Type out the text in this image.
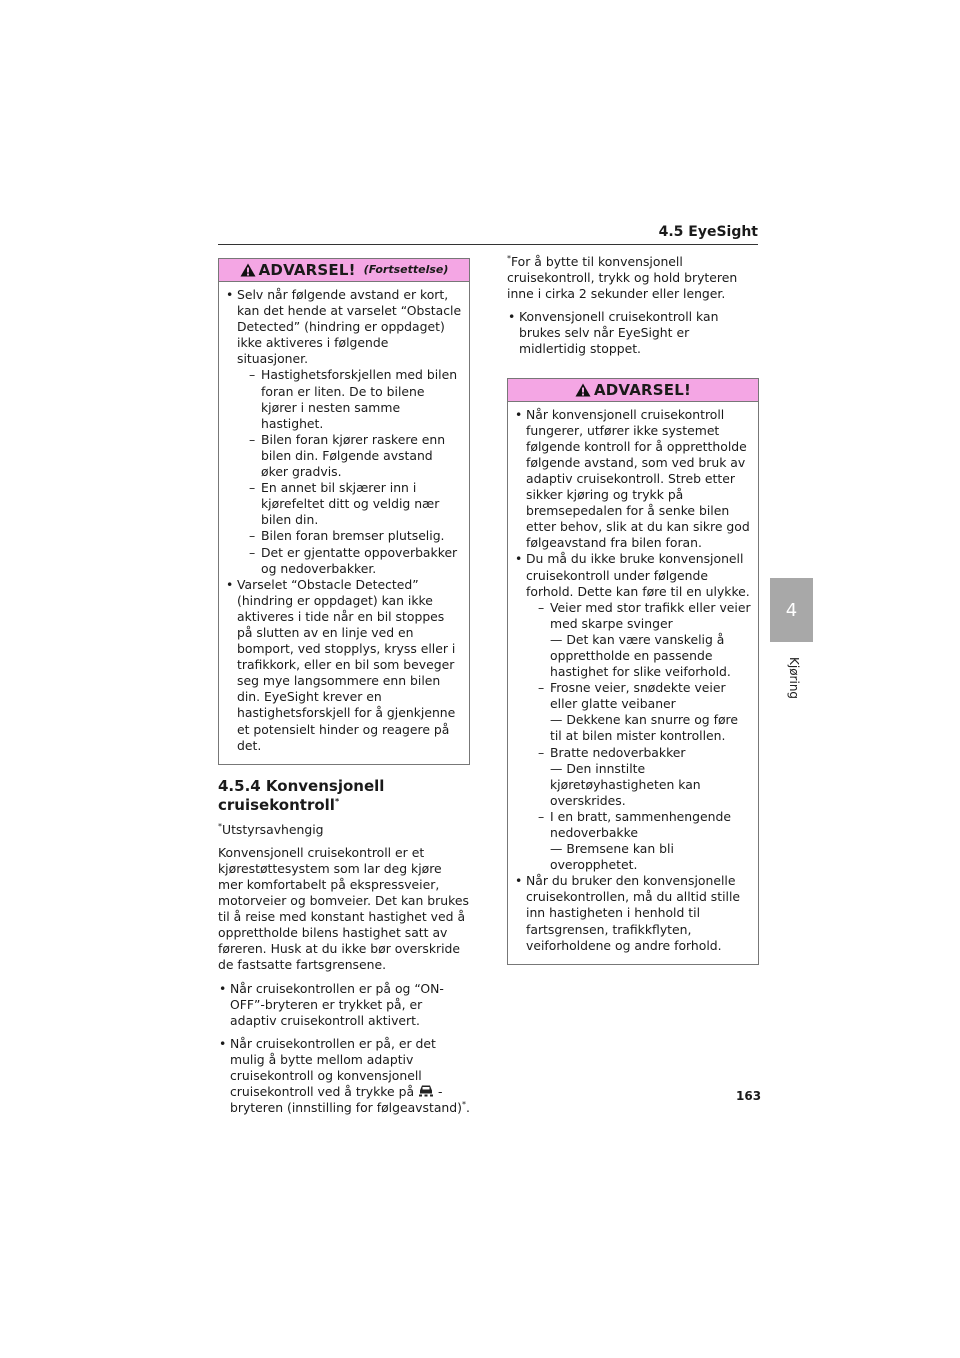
4.5 EyeSight
4
Kjøring
ADVARSEL! (Fortsettelse)
• Selv når følgende avstand er kort, kan det hende at varselet “Obstacle Detected” (hindring er oppdaget) ikke aktiveres i følgende situasjoner.
– Hastighetsforskjellen med bilen foran er liten. De to bilene kjører i nesten samme hastighet.
– Bilen foran kjører raskere enn bilen din. Følgende avstand øker gradvis.
– En annet bil skjærer inn i kjørefeltet ditt og veldig nær bilen din.
– Bilen foran bremser plutselig.
– Det er gjentatte oppoverbakker og nedoverbakker.
• Varselet “Obstacle Detected” (hindring er oppdaget) kan ikke aktiveres i tide når en bil stoppes på slutten av en linje ved en bomport, ved stopplys, kryss eller i trafikkork, eller en bil som beveger seg mye langsommere enn bilen din. EyeSight krever en hastighetsforskjell for å gjenkjenne et potensielt hinder og reagere på det.
4.5.4 Konvensjonell cruisekontroll*

*Utstyrsavhengig

Konvensjonell cruisekontroll er et kjørestøttesystem som lar deg kjøre mer komfortabelt på ekspressveier, motorveier og bomveier. Det kan brukes til å reise med konstant hastighet ved å opprettholde bilens hastighet satt av føreren. Husk at du ikke bør overskride de fastsatte fartsgrensene.

• Når cruisekontrollen er på og “ON-OFF”-bryteren er trykket på, er adaptiv cruisekontroll aktivert.
• Når cruisekontrollen er på, er det mulig å bytte mellom adaptiv cruisekontroll og konvensjonell cruisekontroll ved å trykke på -bryteren (innstilling for følgeavstand)*.

*For å bytte til konvensjonell cruisekontroll, trykk og hold bryteren inne i cirka 2 sekunder eller lenger.

• Konvensjonell cruisekontroll kan brukes selv når EyeSight er midlertidig stoppet.
ADVARSEL!
• Når konvensjonell cruisekontroll fungerer, utfører ikke systemet følgende kontroll for å opprettholde følgende avstand, som ved bruk av adaptiv cruisekontroll. Streb etter sikker kjøring og trykk på bremsepedalen for å senke bilen etter behov, slik at du kan sikre god følgeavstand fra bilen foran.
• Du må du ikke bruke konvensjonell cruisekontroll under følgende forhold. Dette kan føre til en ulykke.
– Veier med stor trafikk eller veier med skarpe svinger
— Det kan være vanskelig å opprettholde en passende hastighet for slike veiforhold.
– Frosne veier, snødekte veier eller glatte veibaner
— Dekkene kan snurre og føre til at bilen mister kontrollen.
– Bratte nedoverbakker
— Den innstilte kjøretøyhastigheten kan overskrides.
– I en bratt, sammenhengende nedoverbakke
— Bremsene kan bli overopphetet.
• Når du bruker den konvensjonelle cruisekontrollen, må du alltid stille inn hastigheten i henhold til fartsgrensen, trafikkflyten, veiforholdene og andre forhold.
163
